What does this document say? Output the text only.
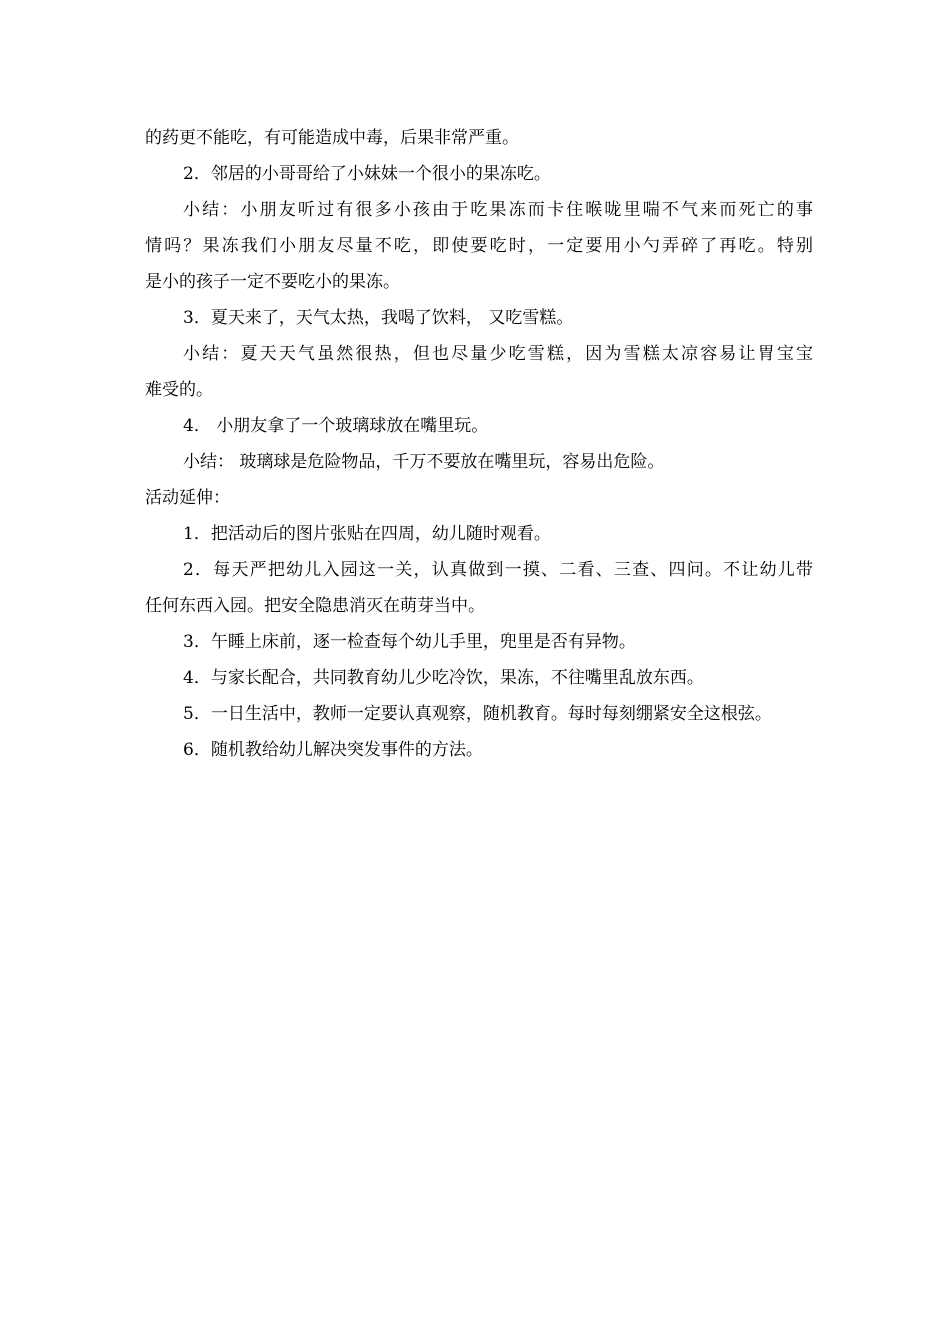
的药更不能吃，有可能造成中毒，后果非常严重。
2．邻居的小哥哥给了小妹妹一个很小的果冻吃。
小结：小朋友听过有很多小孩由于吃果冻而卡住喉咙里喘不气来而死亡的事
情吗？果冻我们小朋友尽量不吃，即使要吃时，一定要用小勺弄碎了再吃。特别
是小的孩子一定不要吃小的果冻。
3．夏天来了，天气太热，我喝了饮料， 又吃雪糕。
小结：夏天天气虽然很热，但也尽量少吃雪糕，因为雪糕太凉容易让胃宝宝
难受的。
4． 小朋友拿了一个玻璃球放在嘴里玩。
小结： 玻璃球是危险物品，千万不要放在嘴里玩，容易出危险。
活动延伸：
1．把活动后的图片张贴在四周，幼儿随时观看。
2．每天严把幼儿入园这一关，认真做到一摸、二看、三查、四问。不让幼儿带
任何东西入园。把安全隐患消灭在萌芽当中。
3．午睡上床前，逐一检查每个幼儿手里，兜里是否有异物。
4．与家长配合，共同教育幼儿少吃冷饮，果冻，不往嘴里乱放东西。
5．一日生活中，教师一定要认真观察，随机教育。每时每刻绷紧安全这根弦。
6．随机教给幼儿解决突发事件的方法。
